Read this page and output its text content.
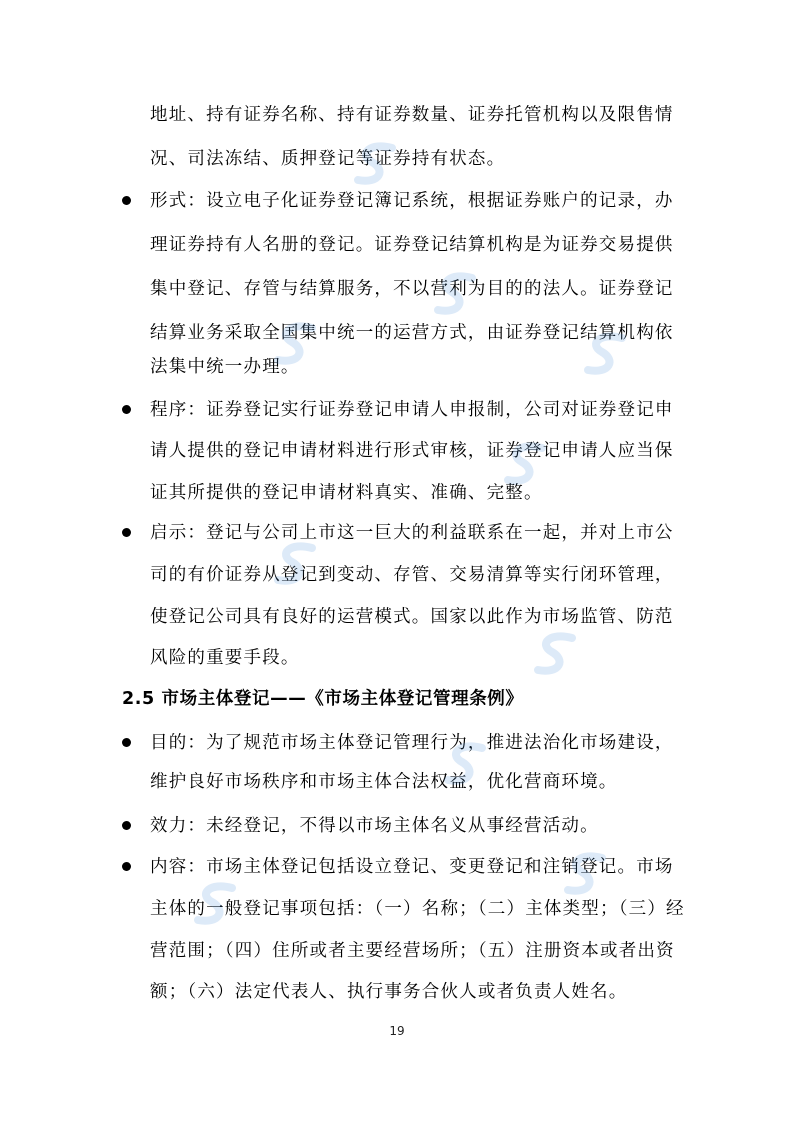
地址、持有证券名称、持有证券数量、证券托管机构以及限售情
况、司法冻结、质押登记等证券持有状态。
形式：设立电子化证券登记簿记系统，根据证券账户的记录，办
理证券持有人名册的登记。证券登记结算机构是为证券交易提供
集中登记、存管与结算服务，不以营利为目的的法人。证券登记
结算业务采取全国集中统一的运营方式，由证券登记结算机构依
法集中统一办理。
程序：证券登记实行证券登记申请人申报制，公司对证券登记申
请人提供的登记申请材料进行形式审核，证券登记申请人应当保
证其所提供的登记申请材料真实、准确、完整。
启示：登记与公司上市这一巨大的利益联系在一起，并对上市公
司的有价证券从登记到变动、存管、交易清算等实行闭环管理，
使登记公司具有良好的运营模式。国家以此作为市场监管、防范
风险的重要手段。
2.5 市场主体登记——《市场主体登记管理条例》
目的：为了规范市场主体登记管理行为，推进法治化市场建设，
维护良好市场秩序和市场主体合法权益，优化营商环境。
效力：未经登记，不得以市场主体名义从事经营活动。
内容：市场主体登记包括设立登记、变更登记和注销登记。市场
主体的一般登记事项包括：（一）名称；（二）主体类型；（三）经
营范围；（四）住所或者主要经营场所；（五）注册资本或者出资
额；（六）法定代表人、执行事务合伙人或者负责人姓名。
19
